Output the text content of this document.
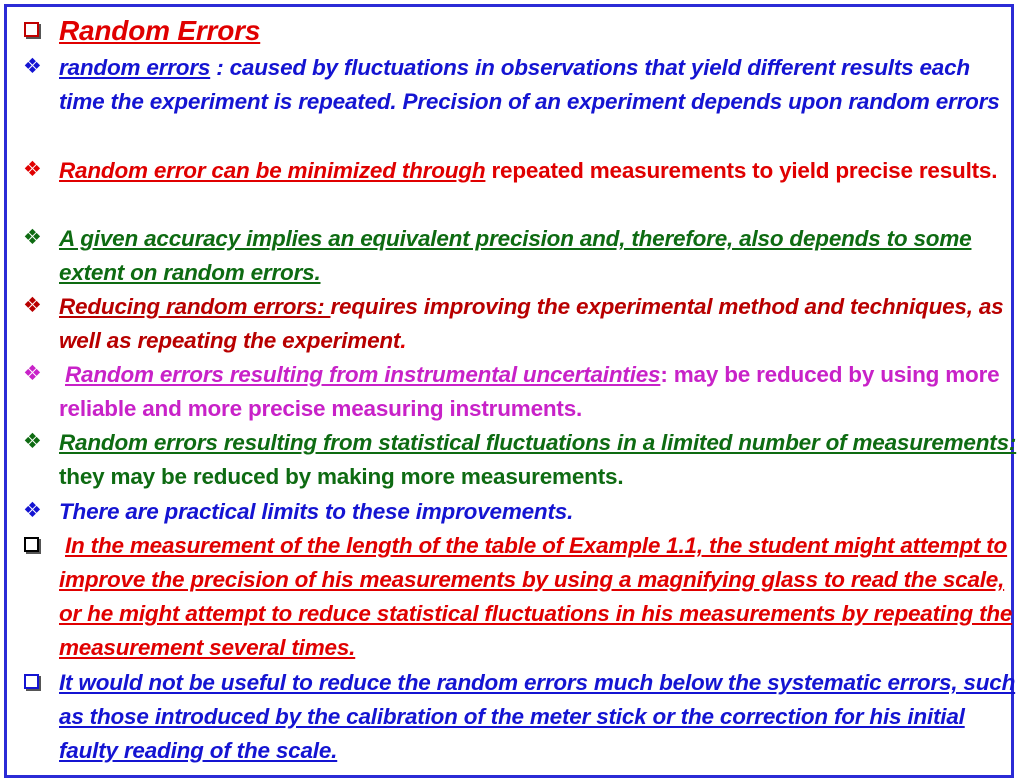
Random Errors
❖ random errors : caused by fluctuations in observations that yield different results each time the experiment is repeated. Precision of an experiment depends upon random errors
❖ Random error can be minimized through repeated measurements to yield precise results.
❖ A given accuracy implies an equivalent precision and, therefore, also depends to some extent on random errors.
❖ Reducing random errors: requires improving the experimental method and techniques, as well as repeating the experiment.
❖ Random errors resulting from instrumental uncertainties: may be reduced by using more reliable and more precise measuring instruments.
❖ Random errors resulting from statistical fluctuations in a limited number of measurements: they may be reduced by making more measurements.
❖ There are practical limits to these improvements.
In the measurement of the length of the table of Example 1.1, the student might attempt to improve the precision of his measurements by using a magnifying glass to read the scale, or he might attempt to reduce statistical fluctuations in his measurements by repeating the measurement several times.
It would not be useful to reduce the random errors much below the systematic errors, such as those introduced by the calibration of the meter stick or the correction for his initial faulty reading of the scale.
